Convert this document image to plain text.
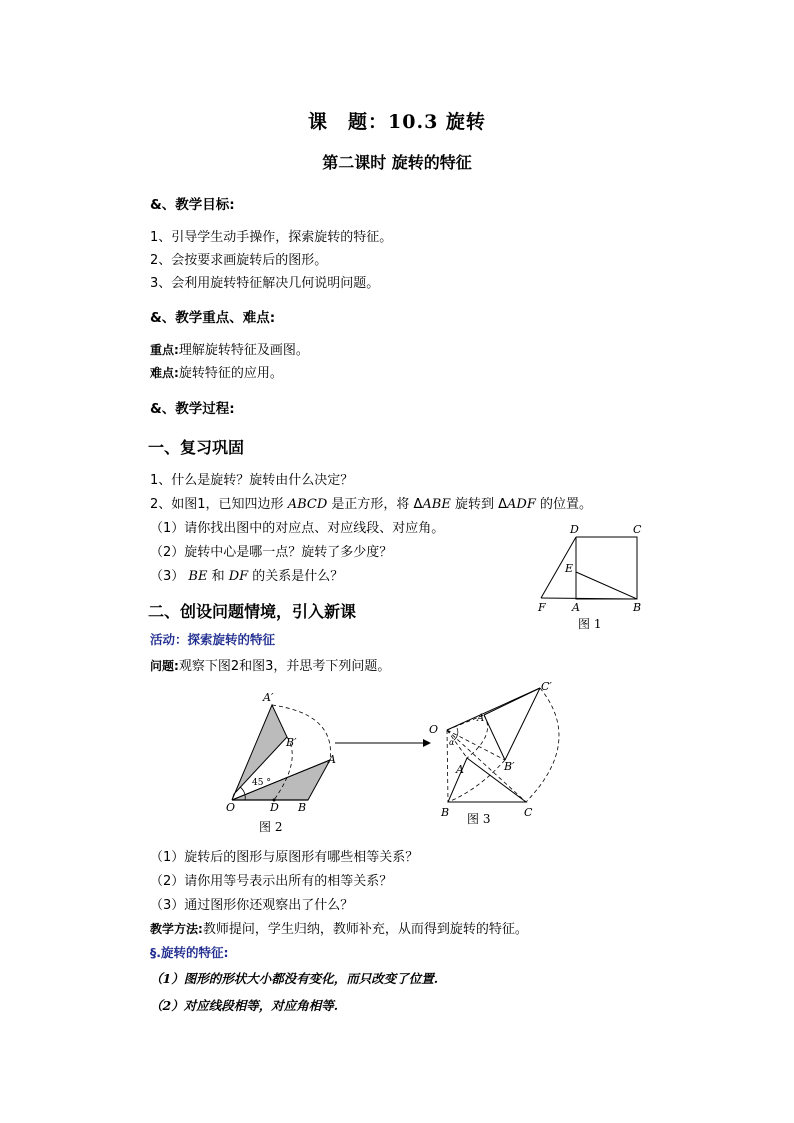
课　题：10.3 旋转
第二课时 旋转的特征
&、教学目标:
1、引导学生动手操作，探索旋转的特征。
2、会按要求画旋转后的图形。
3、会利用旋转特征解决几何说明问题。
&、教学重点、难点:
重点:理解旋转特征及画图。
难点:旋转特征的应用。
&、教学过程:
一、复习巩固
1、什么是旋转？旋转由什么决定？
2、如图1，已知四边形 ABCD 是正方形，将 ΔABE 旋转到 ΔADF 的位置。
（1）请你找出图中的对应点、对应线段、对应角。
（2）旋转中心是哪一点？旋转了多少度？
（3） BE 和 DF 的关系是什么？
D	C
E
F A	B
图 1
二、创设问题情境，引入新课
活动：探索旋转的特征
问题:观察下图2和图3，并思考下列问题。
A′
B′
A
45 °
O	D B
图 2
C′
O
A′
α
B′
A
B	C
图 3
（1）旋转后的图形与原图形有哪些相等关系？
（2）请你用等号表示出所有的相等关系？
（3）通过图形你还观察出了什么？
教学方法:教师提问，学生归纳，教师补充，从而得到旋转的特征。
§.旋转的特征:
（1）图形的形状大小都没有变化，而只改变了位置.
（2）对应线段相等，对应角相等.
